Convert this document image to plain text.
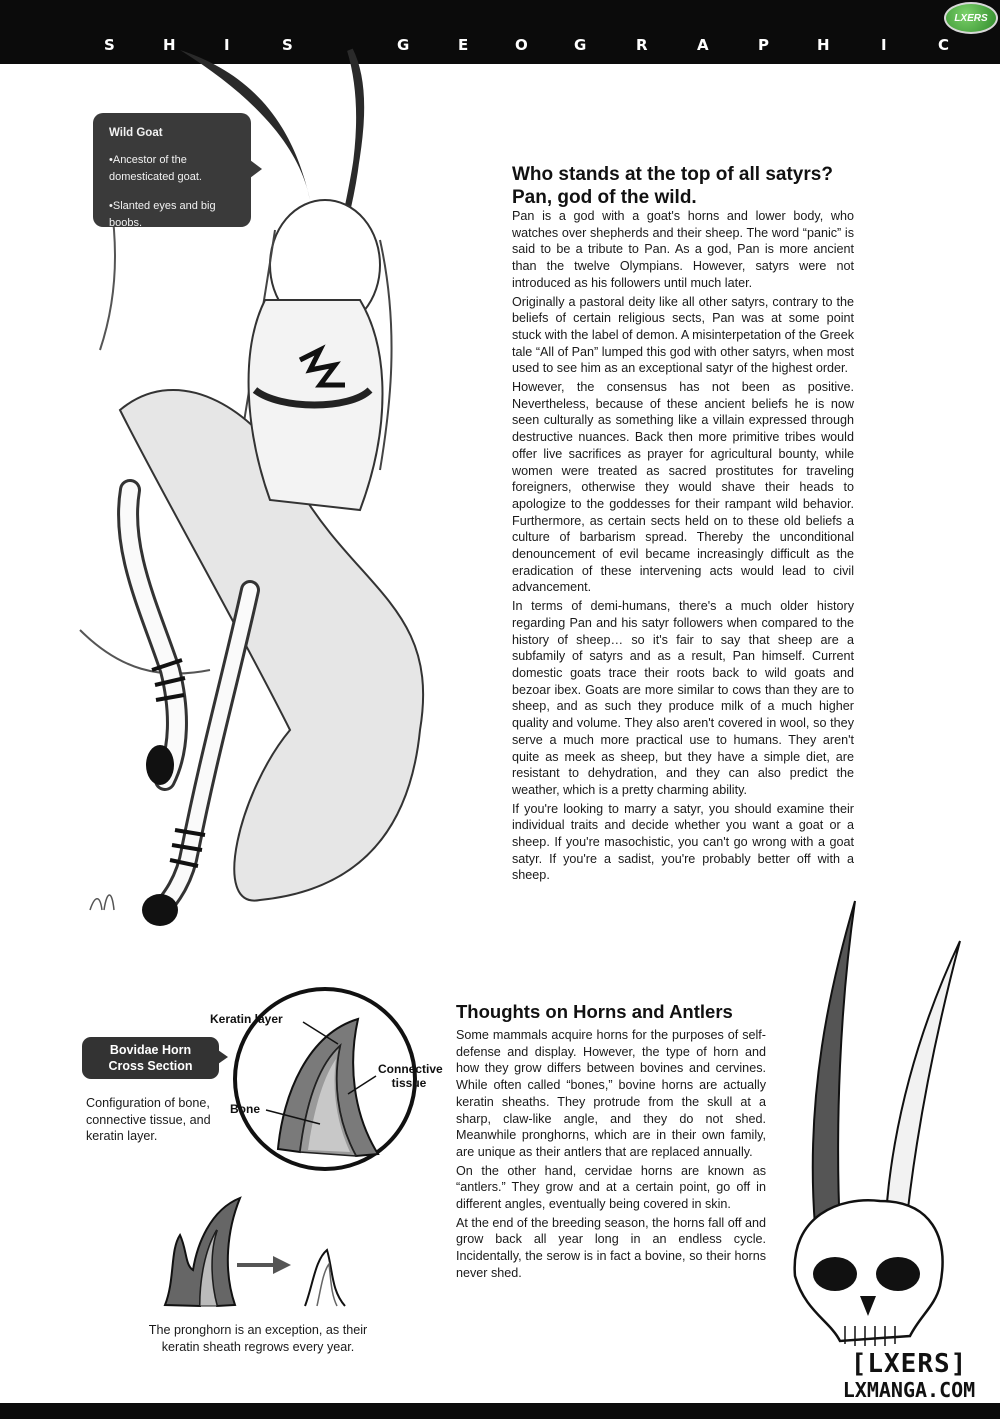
S	H	I	S	G	E	O	G	R	A	P	H	I	C
LXERS
Wild Goat
•Ancestor of the domesticated goat.
•Slanted eyes and big boobs.
Who stands at the top of all satyrs?
Pan, god of the wild.

Pan is a god with a goat's horns and lower body, who watches over shepherds and their sheep. The word “panic” is said to be a tribute to Pan. As a god, Pan is more ancient than the twelve Olympians. However, satyrs were not introduced as his followers until much later.

Originally a pastoral deity like all other satyrs, contrary to the beliefs of certain religious sects, Pan was at some point stuck with the label of demon. A misinterpetation of the Greek tale “All of Pan” lumped this god with other satyrs, when most used to see him as an exceptional satyr of the highest order.

However, the consensus has not been as positive. Nevertheless, because of these ancient beliefs he is now seen culturally as something like a villain expressed through destructive nuances. Back then more primitive tribes would offer live sacrifices as prayer for agricultural bounty, while women were treated as sacred prostitutes for traveling foreigners, otherwise they would shave their heads to apologize to the goddesses for their rampant wild behavior. Furthermore, as certain sects held on to these old beliefs a culture of barbarism spread. Thereby the unconditional denouncement of evil became increasingly difficult as the eradication of these intervening acts would lead to civil advancement.

In terms of demi-humans, there's a much older history regarding Pan and his satyr followers when compared to the history of sheep… so it's fair to say that sheep are a subfamily of satyrs and as a result, Pan himself. Current domestic goats trace their roots back to wild goats and bezoar ibex. Goats are more similar to cows than they are to sheep, and as such they produce milk of a much higher quality and volume. They also aren't covered in wool, so they serve a much more practical use to humans. They aren't quite as meek as sheep, but they have a simple diet, are resistant to dehydration, and they can also predict the weather, which is a pretty charming ability.

If you're looking to marry a satyr, you should examine their individual traits and decide whether you want a goat or a sheep. If you're masochistic, you can't go wrong with a goat satyr. If you're a sadist, you're probably better off with a sheep.

Keratin layer
Connective
tissue
Bone
Bovidae Horn
Cross Section
Configuration of bone, connective tissue, and keratin layer.
The pronghorn is an exception, as their
keratin sheath regrows every year.
Thoughts on Horns and Antlers

Some mammals acquire horns for the purposes of self-defense and display. However, the type of horn and how they grow differs between bovines and cervines. While often called “bones,” bovine horns are actually keratin sheaths. They protrude from the skull at a sharp, claw-like angle, and they do not shed. Meanwhile pronghorns, which are in their own family, are unique as their antlers that are replaced annually.

On the other hand, cervidae horns are known as “antlers.” They grow and at a certain point, go off in different angles, eventually being covered in skin.

At the end of the breeding season, the horns fall off and grow back all year long in an endless cycle. Incidentally, the serow is in fact a bovine, so their horns never shed.

[LXERS]
LXMANGA.COM
